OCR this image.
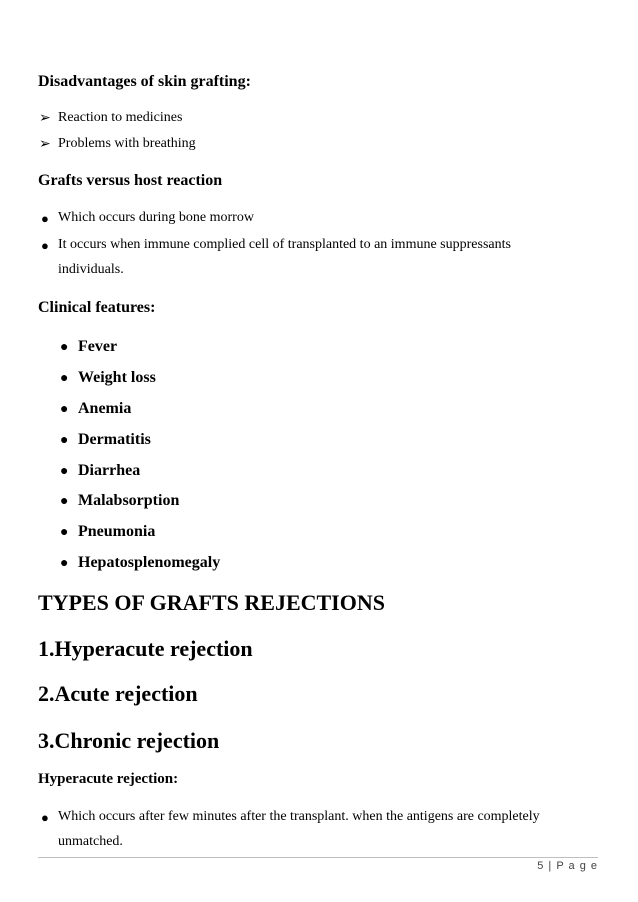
Disadvantages of skin grafting:
➢ Reaction to medicines
➢ Problems with breathing
Grafts versus host reaction
● Which occurs during bone morrow
● It occurs when immune complied cell of transplanted to an immune suppressants
individuals.
Clinical features:
● Fever
● Weight loss
● Anemia
● Dermatitis
● Diarrhea
● Malabsorption
● Pneumonia
● Hepatosplenomegaly
TYPES OF GRAFTS REJECTIONS
1.Hyperacute rejection
2.Acute rejection
3.Chronic rejection
Hyperacute rejection:
● Which occurs after few minutes after the transplant. when the antigens are completely
unmatched.
5 | P a g e
